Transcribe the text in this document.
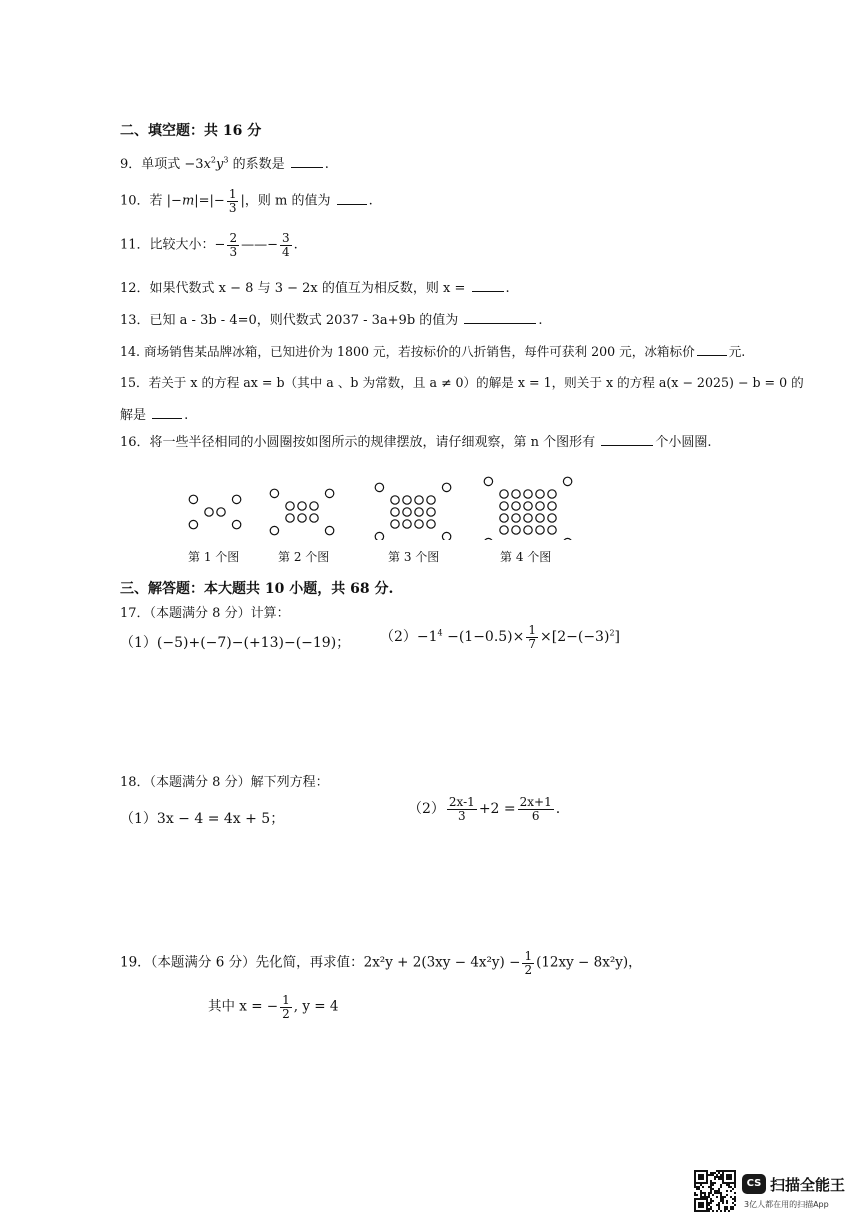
二、填空题：共 16 分
9．单项式 $-3x^2y^3$ 的系数是	.
10．若 $|-m|=|- \frac{1}{3}$ |，则 m 的值为	.
11．比较大小：− $\frac{2}{3}$ ——− $\frac{3}{4}$ .
12．如果代数式 x − 8 与 3 − 2x 的值互为相反数，则 x =	.
13．已知 a - 3b - 4=0，则代数式 2037 - 3a+9b 的值为	.
14. 商场销售某品牌冰箱，已知进价为 1800 元，若按标价的八折销售，每件可获利 200 元，冰箱标价	元.
15．若关于 x 的方程 ax = b（其中 a 、b 为常数，且 a ≠ 0）的解是 x = 1，则关于 x 的方程 a(x − 2025) − b = 0 的
解是	.
16．将一些半径相同的小圆圈按如图所示的规律摆放，请仔细观察，第 n 个图形有	个小圆圈.
第 1 个图	第 2 个图	第 3 个图	第 4 个图
三、解答题：本大题共 10 小题，共 68 分.
17．（本题满分 8 分）计算：
（1）(−5)+(−7)−(+13)−(−19)； $(2)-1^4 -(1-0.5)\times \frac{1}{7} \times[2-(-3)^2]$
18．（本题满分 8 分）解下列方程：
（1）3x − 4 = 4x + 5；
$(2) \frac{2x-1}{3} +2 = \frac{2x+1}{6}$ .
19．（本题满分 6 分）先化简，再求值：$2x^2y + 2(3xy - 4x^2y) - \frac{1}{2} (12xy - 8x^2y)$，
其中 x = − $\frac{1}{2}$ , y = 4
CS 扫描全能王
3亿人都在用的扫描App
